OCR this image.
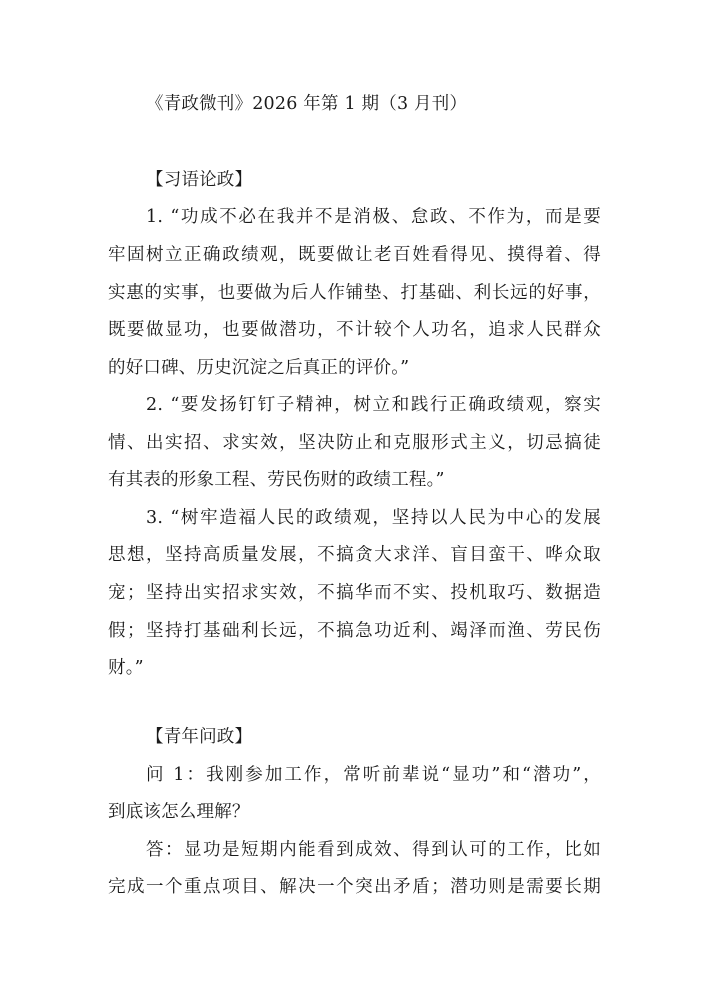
《青政微刊》2026 年第 1 期（3 月刊）
【习语论政】
1. “功成不必在我并不是消极、怠政、不作为，而是要
牢固树立正确政绩观，既要做让老百姓看得见、摸得着、得
实惠的实事，也要做为后人作铺垫、打基础、利长远的好事，
既要做显功，也要做潜功，不计较个人功名，追求人民群众
的好口碑、历史沉淀之后真正的评价。”
2. “要发扬钉钉子精神，树立和践行正确政绩观，察实
情、出实招、求实效，坚决防止和克服形式主义，切忌搞徒
有其表的形象工程、劳民伤财的政绩工程。”
3. “树牢造福人民的政绩观，坚持以人民为中心的发展
思想，坚持高质量发展，不搞贪大求洋、盲目蛮干、哗众取
宠；坚持出实招求实效，不搞华而不实、投机取巧、数据造
假；坚持打基础利长远，不搞急功近利、竭泽而渔、劳民伤
财。”
【青年问政】
问 1：我刚参加工作，常听前辈说“显功”和“潜功”，
到底该怎么理解？
答：显功是短期内能看到成效、得到认可的工作，比如
完成一个重点项目、解决一个突出矛盾；潜功则是需要长期
